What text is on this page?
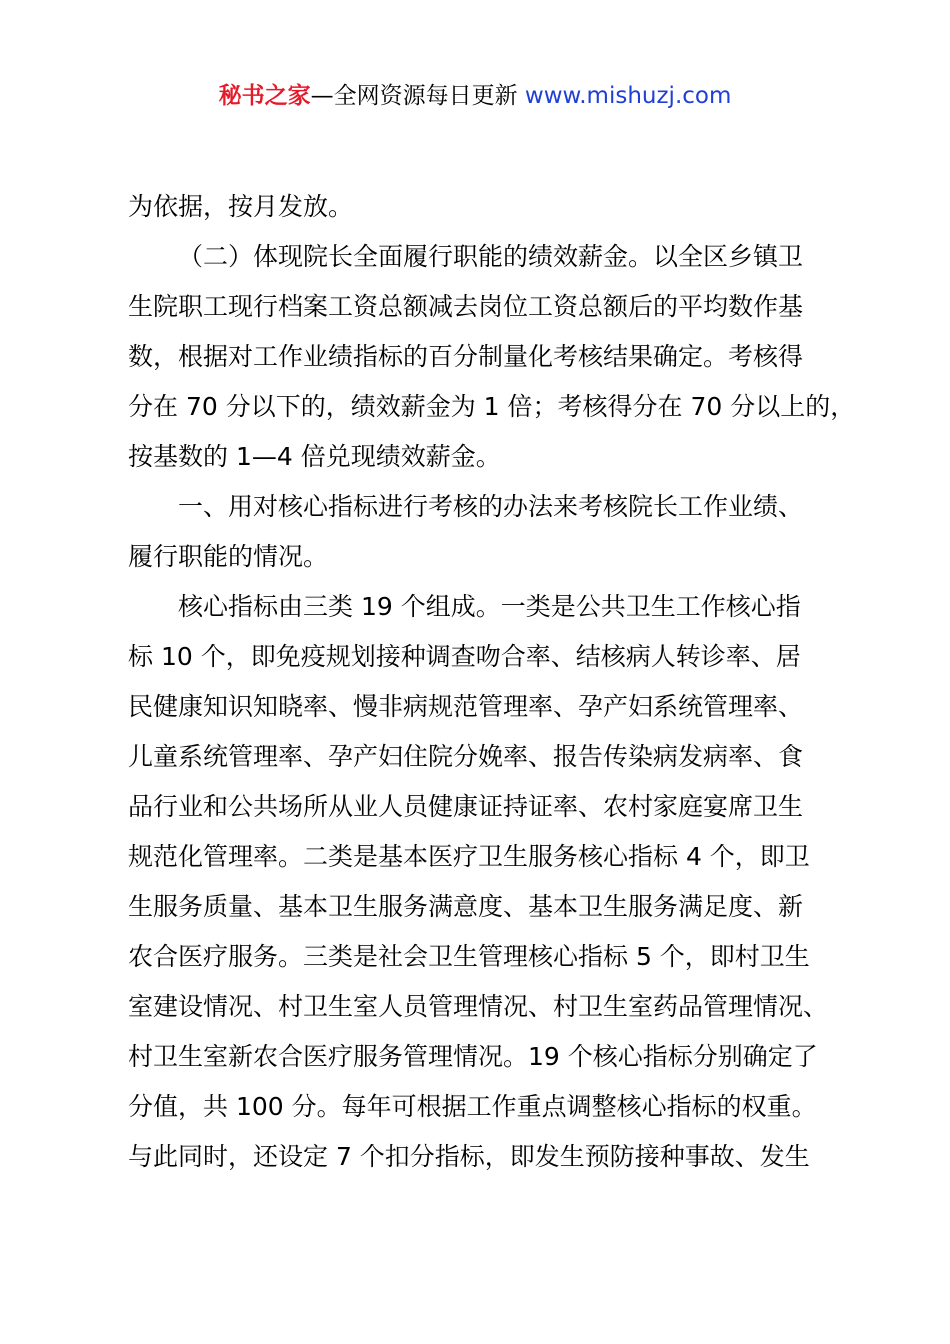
秘书之家—全网资源每日更新 www.mishuzj.com
为依据，按月发放。
（二）体现院长全面履行职能的绩效薪金。以全区乡镇卫
生院职工现行档案工资总额减去岗位工资总额后的平均数作基
数，根据对工作业绩指标的百分制量化考核结果确定。考核得
分在 70 分以下的，绩效薪金为 1 倍；考核得分在 70 分以上的，
按基数的 1—4 倍兑现绩效薪金。
一、用对核心指标进行考核的办法来考核院长工作业绩、
履行职能的情况。
核心指标由三类 19 个组成。一类是公共卫生工作核心指
标 10 个，即免疫规划接种调查吻合率、结核病人转诊率、居
民健康知识知晓率、慢非病规范管理率、孕产妇系统管理率、
儿童系统管理率、孕产妇住院分娩率、报告传染病发病率、食
品行业和公共场所从业人员健康证持证率、农村家庭宴席卫生
规范化管理率。二类是基本医疗卫生服务核心指标 4 个，即卫
生服务质量、基本卫生服务满意度、基本卫生服务满足度、新
农合医疗服务。三类是社会卫生管理核心指标 5 个，即村卫生
室建设情况、村卫生室人员管理情况、村卫生室药品管理情况、
村卫生室新农合医疗服务管理情况。19 个核心指标分别确定了
分值，共 100 分。每年可根据工作重点调整核心指标的权重。
与此同时，还设定 7 个扣分指标，即发生预防接种事故、发生
